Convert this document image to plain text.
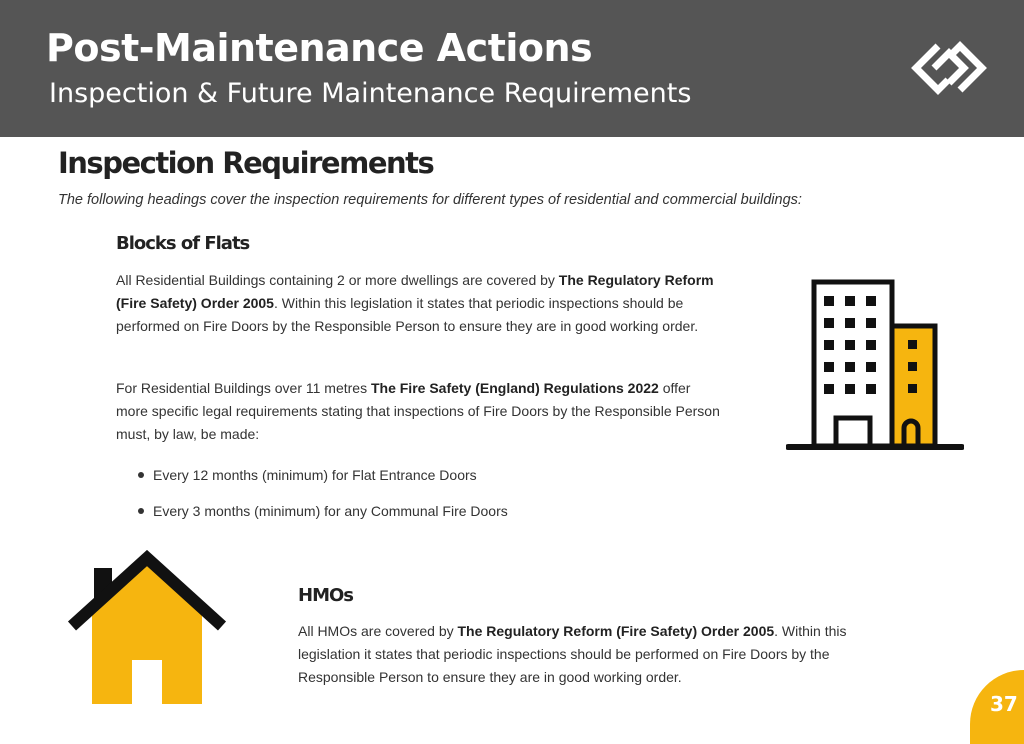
Post-Maintenance Actions
Inspection & Future Maintenance Requirements
Inspection Requirements

The following headings cover the inspection requirements for different types of residential and commercial buildings:

Blocks of Flats

All Residential Buildings containing 2 or more dwellings are covered by The Regulatory Reform (Fire Safety) Order 2005. Within this legislation it states that periodic inspections should be performed on Fire Doors by the Responsible Person to ensure they are in good working order.

For Residential Buildings over 11 metres The Fire Safety (England) Regulations 2022 offer more specific legal requirements stating that inspections of Fire Doors by the Responsible Person must, by law, be made:

Every 12 months (minimum) for Flat Entrance Doors
Every 3 months (minimum) for any Communal Fire Doors
HMOs

All HMOs are covered by The Regulatory Reform (Fire Safety) Order 2005. Within this legislation it states that periodic inspections should be performed on Fire Doors by the Responsible Person to ensure they are in good working order.

37
